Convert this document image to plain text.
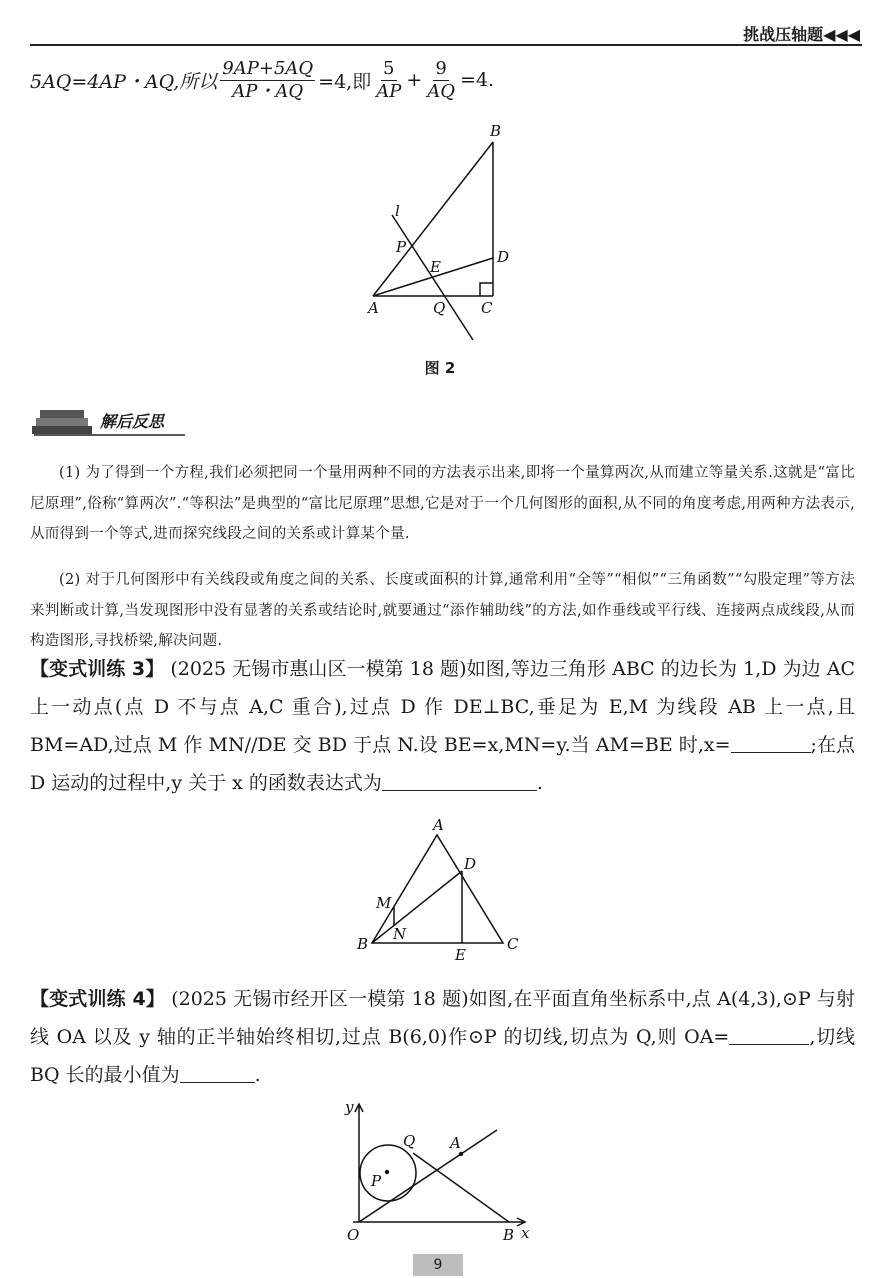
挑战压轴题◀◀◀
5AQ=4AP・AQ,所以 $\frac{9AP+5AQ}{AP・AQ} =4$,即 $\frac{5}{AP} + \frac{9}{AQ} =4$.
B
l
P
D
E
A	Q C
图 2
解后反思
(1) 为了得到一个方程,我们必须把同一个量用两种不同的方法表示出来,即将一个量算两次,从而建立等量关系.这就是“富比尼原理”,俗称“算两次”.“等积法”是典型的“富比尼原理”思想,它是对于一个几何图形的面积,从不同的角度考虑,用两种方法表示,从而得到一个等式,进而探究线段之间的关系或计算某个量.
(2) 对于几何图形中有关线段或角度之间的关系、长度或面积的计算,通常利用“全等”“相似”“三角函数”“勾股定理”等方法来判断或计算,当发现图形中没有显著的关系或结论时,就要通过“添作辅助线”的方法,如作垂线或平行线、连接两点成线段,从而构造图形,寻找桥梁,解决问题.
【变式训练 3】 (2025 无锡市惠山区一模第 18 题)如图,等边三角形 ABC 的边长为 1,D 为边 AC 上一动点(点 D 不与点 A,C 重合),过点 D 作 DE⊥BC,垂足为 E,M 为线段 AB 上一点,且 BM=AD,过点 M 作 MN//DE 交 BD 于点 N.设 BE=x,MN=y.当 AM=BE 时,x=	;在点 D 运动的过程中,y 关于 x 的函数表达式为	.
A
D
M
B
N
E
C
【变式训练 4】 (2025 无锡市经开区一模第 18 题)如图,在平面直角坐标系中,点 A(4,3),⊙P 与射线 OA 以及 y 轴的正半轴始终相切,过点 B(6,0)作⊙P 的切线,切点为 Q,则 OA=	,切线 BQ 长的最小值为	.
y
Q A
P
O	B x
9
